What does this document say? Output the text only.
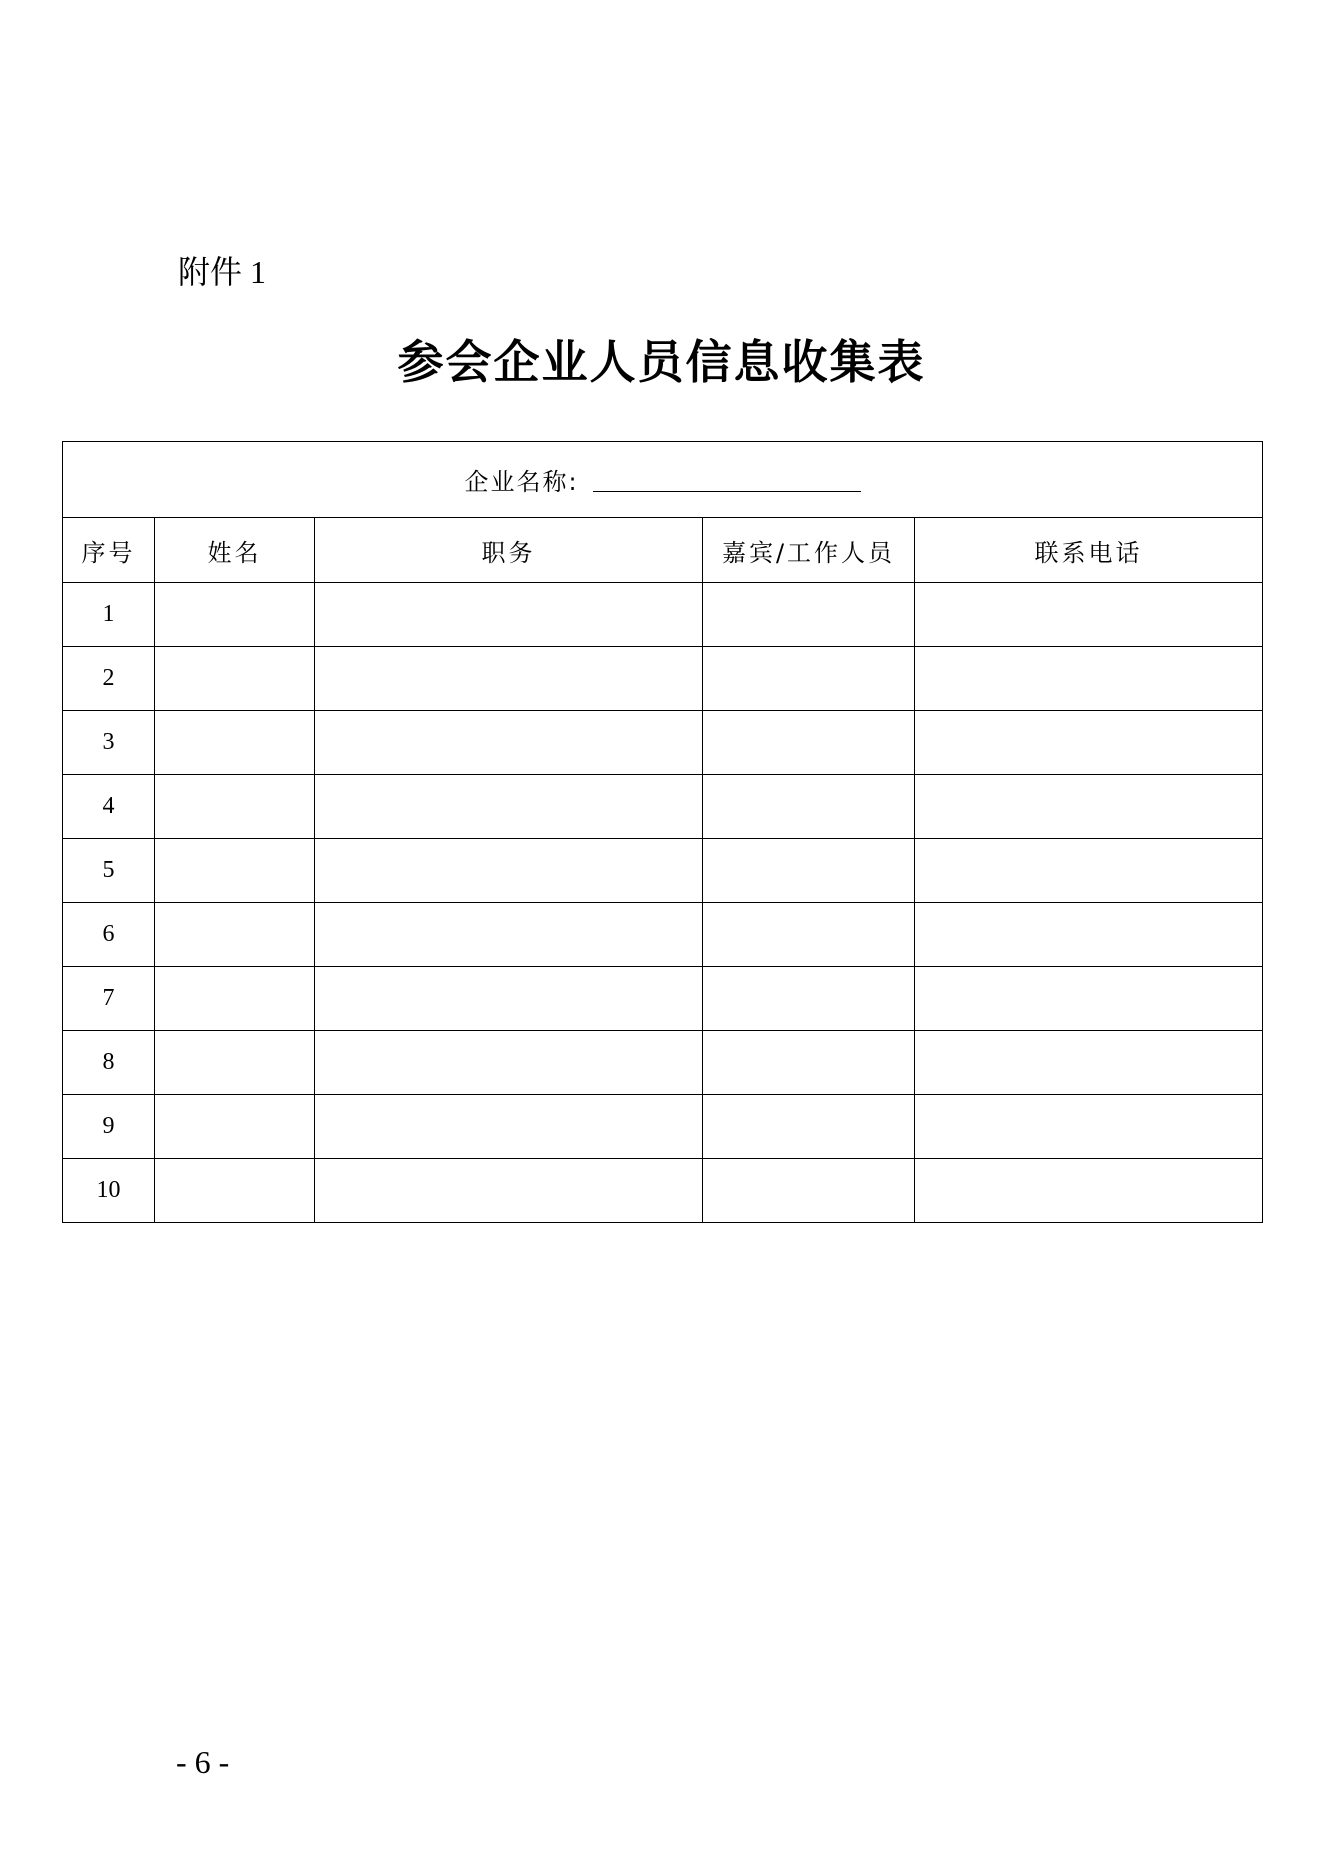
附件 1
参会企业人员信息收集表
企业名称:				
序号	姓名	职务	嘉宾/工作人员	联系电话
1				
2				
3				
4				
5				
6				
7				
8				
9				
10				
- 6 -
